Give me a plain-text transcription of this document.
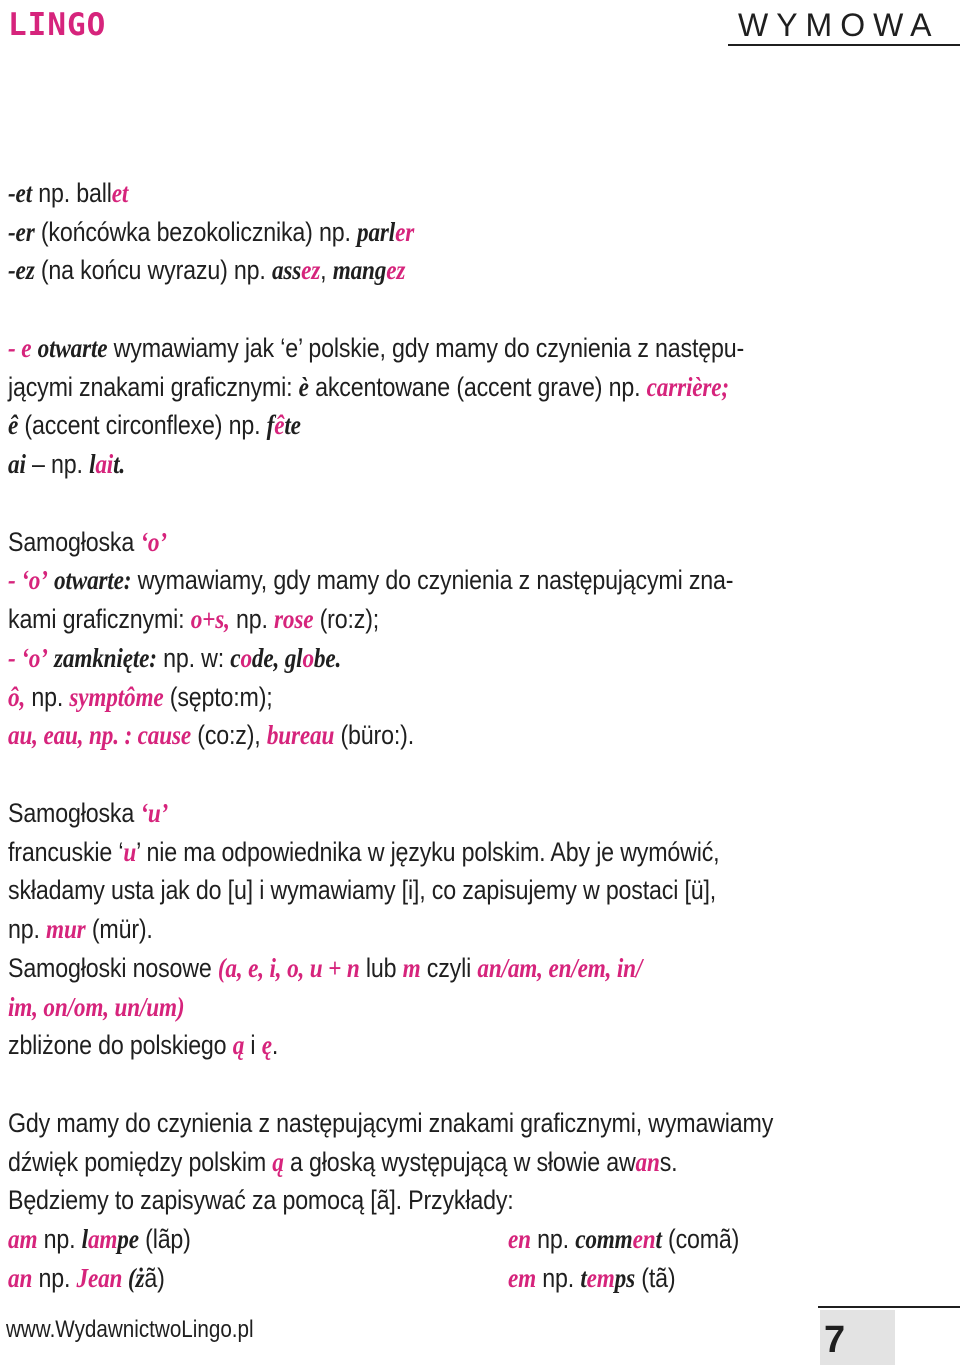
LINGO	WYMOWA

-et np. ballet

-er (końcówka bezokolicznika) np. parler

-ez (na końcu wyrazu) np. assez, mangez

- e otwarte wymawiamy jak ‘e’ polskie, gdy mamy do czynienia z następu-

jącymi znakami graficznymi: è akcentowane (accent grave) np. carrière;

ê (accent circonflexe) np. fête

ai – np. lait.

Samogłoska ‘o’

- ‘o’ otwarte: wymawiamy, gdy mamy do czynienia z następującymi zna-

kami graficznymi: o+s, np. rose (ro:z);

- ‘o’ zamknięte: np. w: code, globe.

ô, np. symptôme (sępto:m);

au, eau, np. : cause (co:z), bureau (büro:).

Samogłoska ‘u’

francuskie ‘u’ nie ma odpowiednika w języku polskim. Aby je wymówić,

składamy usta jak do [u] i wymawiamy [i], co zapisujemy w postaci [ü],

np. mur (mür).

Samogłoski nosowe (a, e, i, o, u + n lub m czyli an/am, en/em, in/

im, on/om, un/um)

zbliżone do polskiego ą i ę.

Gdy mamy do czynienia z następującymi znakami graficznymi, wymawiamy

dźwięk pomiędzy polskim ą a głoską występującą w słowie awans.

Będziemy to zapisywać za pomocą [ã]. Przykłady:

am np. lampe (lãp)	en np. comment (comã)

an np. Jean (żã)	em np. temps (tã)

www.WydawnictwoLingo.pl	7
